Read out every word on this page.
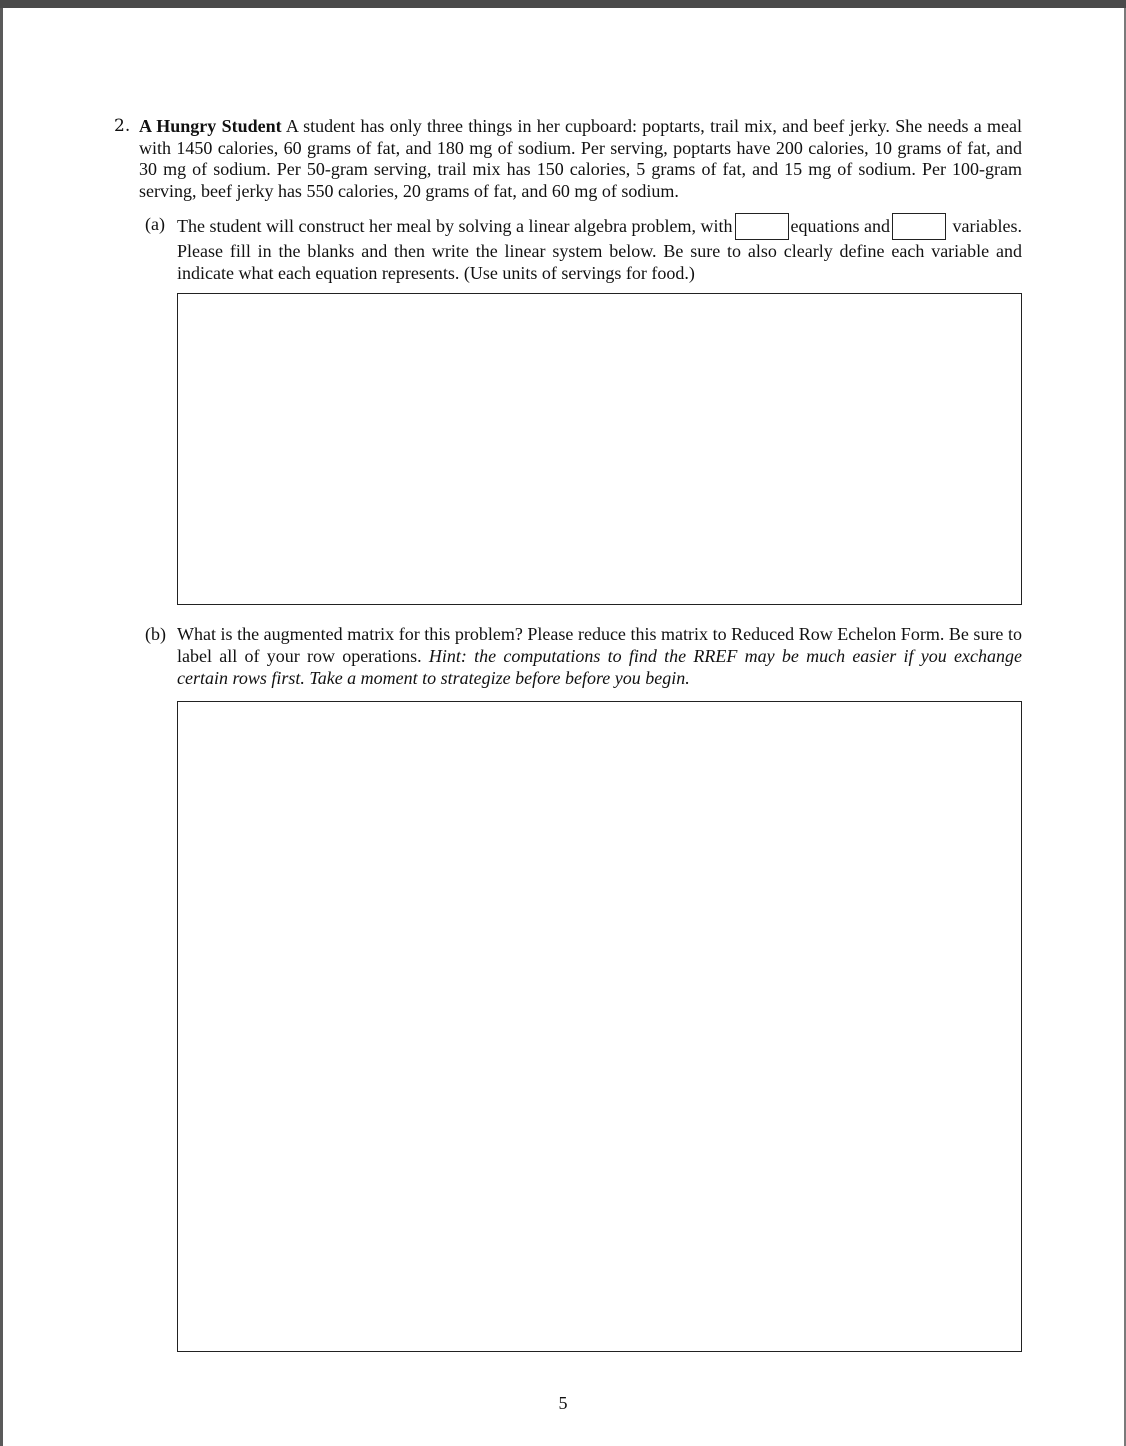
2. A Hungry Student A student has only three things in her cupboard: poptarts, trail mix, and beef jerky. She needs a meal with 1450 calories, 60 grams of fat, and 180 mg of sodium. Per serving, poptarts have 200 calories, 10 grams of fat, and 30 mg of sodium. Per 50-gram serving, trail mix has 150 calories, 5 grams of fat, and 15 mg of sodium. Per 100-gram serving, beef jerky has 550 calories, 20 grams of fat, and 60 mg of sodium.
(a) The student will construct her meal by solving a linear algebra problem, with	equations and	variables. Please fill in the blanks and then write the linear system below. Be sure to also clearly define each variable and indicate what each equation represents. (Use units of servings for food.)
(b) What is the augmented matrix for this problem? Please reduce this matrix to Reduced Row Echelon Form. Be sure to label all of your row operations. Hint: the computations to find the RREF may be much easier if you exchange certain rows first. Take a moment to strategize before before you begin.
5
